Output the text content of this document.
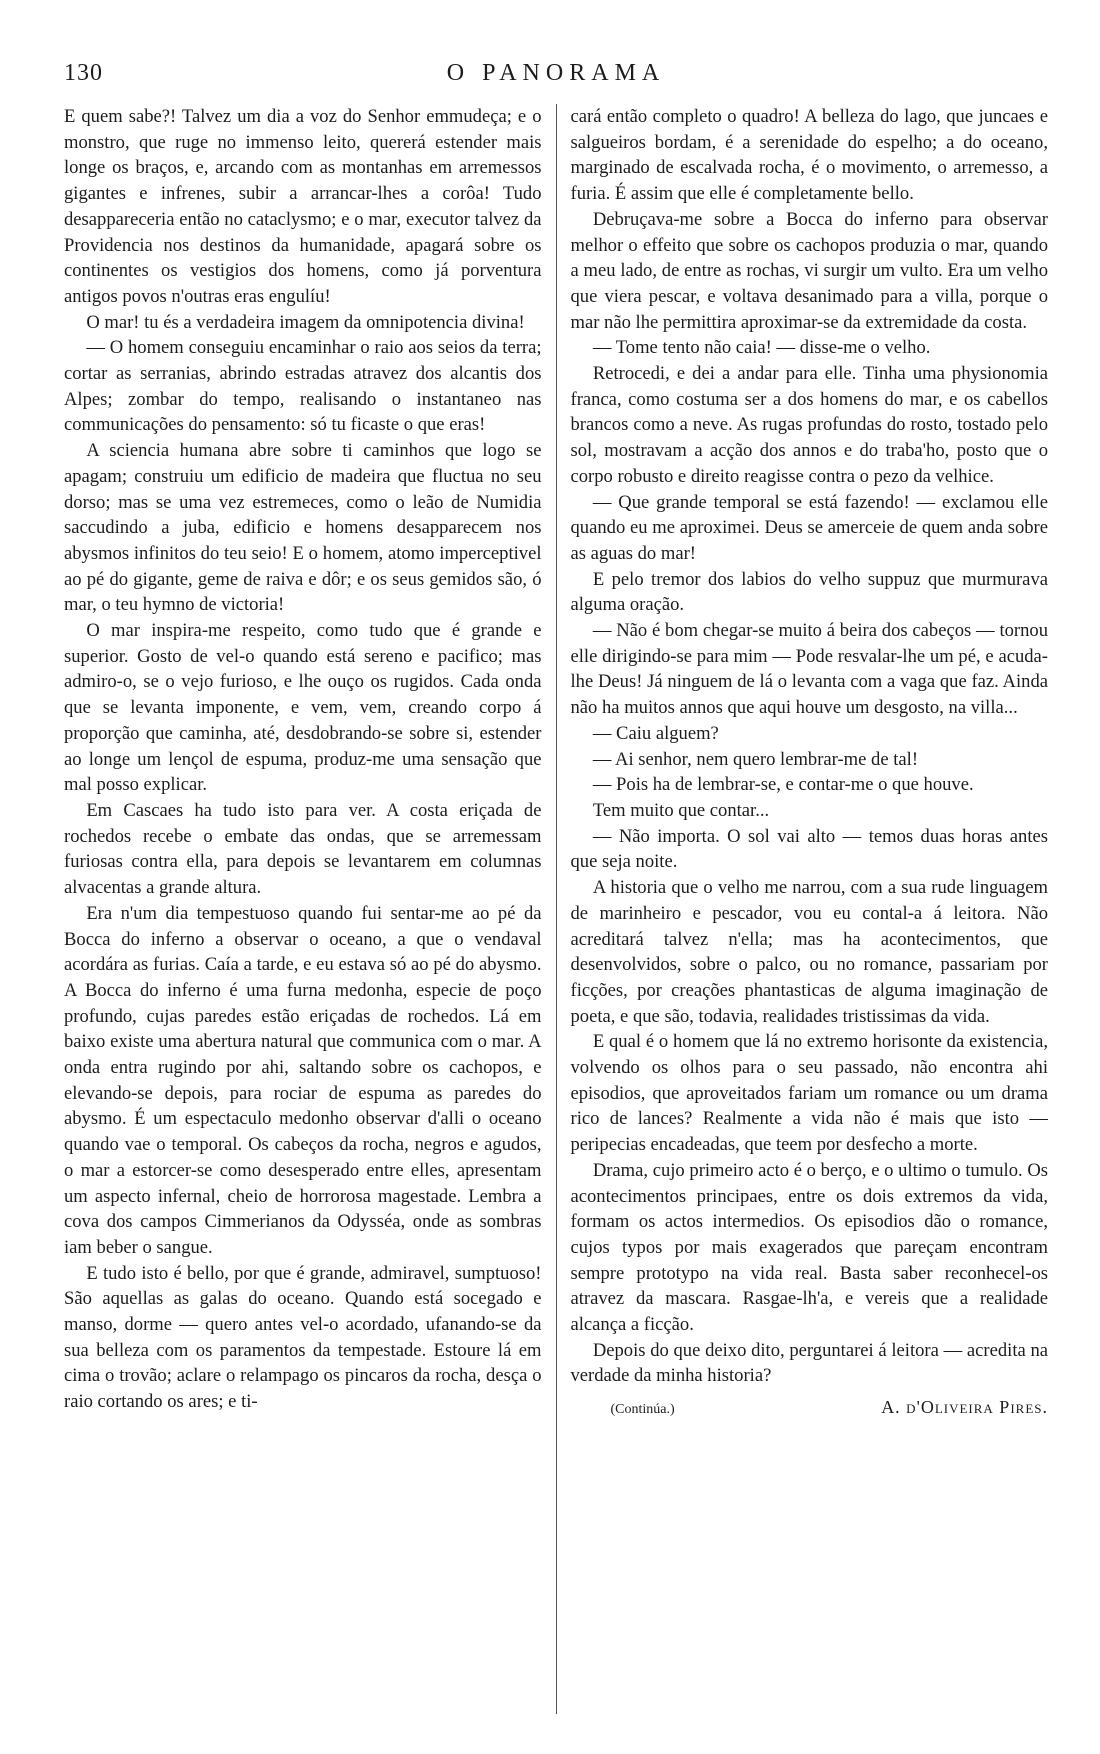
130	O PANORAMA

E quem sabe?! Talvez um dia a voz do Senhor emmudeça; e o monstro, que ruge no immenso leito, quererá estender mais longe os braços, e, arcando com as montanhas em arremessos gigantes e infrenes, subir a arrancar-lhes a corôa! Tudo desappareceria então no cataclysmo; e o mar, executor talvez da Providencia nos destinos da humanidade, apagará sobre os continentes os vestigios dos homens, como já porventura antigos povos n'outras eras engulíu!

O mar! tu és a verdadeira imagem da omnipotencia divina!

— O homem conseguiu encaminhar o raio aos seios da terra; cortar as serranias, abrindo estradas atravez dos alcantis dos Alpes; zombar do tempo, realisando o instantaneo nas communicações do pensamento: só tu ficaste o que eras!

A sciencia humana abre sobre ti caminhos que logo se apagam; construiu um edificio de madeira que fluctua no seu dorso; mas se uma vez estremeces, como o leão de Numidia saccudindo a juba, edificio e homens desapparecem nos abysmos infinitos do teu seio! E o homem, atomo imperceptivel ao pé do gigante, geme de raiva e dôr; e os seus gemidos são, ó mar, o teu hymno de victoria!

O mar inspira-me respeito, como tudo que é grande e superior. Gosto de vel-o quando está sereno e pacifico; mas admiro-o, se o vejo furioso, e lhe ouço os rugidos. Cada onda que se levanta imponente, e vem, vem, creando corpo á proporção que caminha, até, desdobrando-se sobre si, estender ao longe um lençol de espuma, produz-me uma sensação que mal posso explicar.

Em Cascaes ha tudo isto para ver. A costa eriçada de rochedos recebe o embate das ondas, que se arremessam furiosas contra ella, para depois se levantarem em columnas alvacentas a grande altura.

Era n'um dia tempestuoso quando fui sentar-me ao pé da Bocca do inferno a observar o oceano, a que o vendaval acordára as furias. Caía a tarde, e eu estava só ao pé do abysmo. A Bocca do inferno é uma furna medonha, especie de poço profundo, cujas paredes estão eriçadas de rochedos. Lá em baixo existe uma abertura natural que communica com o mar. A onda entra rugindo por ahi, saltando sobre os cachopos, e elevando-se depois, para rociar de espuma as paredes do abysmo. É um espectaculo medonho observar d'alli o oceano quando vae o temporal. Os cabeços da rocha, negros e agudos, o mar a estorcer-se como desesperado entre elles, apresentam um aspecto infernal, cheio de horrorosa magestade. Lembra a cova dos campos Cimmerianos da Odysséa, onde as sombras iam beber o sangue.

E tudo isto é bello, por que é grande, admiravel, sumptuoso! São aquellas as galas do oceano. Quando está socegado e manso, dorme — quero antes vel-o acordado, ufanando-se da sua belleza com os paramentos da tempestade. Estoure lá em cima o trovão; aclare o relampago os pincaros da rocha, desça o raio cortando os ares; e ti-

cará então completo o quadro! A belleza do lago, que juncaes e salgueiros bordam, é a serenidade do espelho; a do oceano, marginado de escalvada rocha, é o movimento, o arremesso, a furia. É assim que elle é completamente bello.

Debruçava-me sobre a Bocca do inferno para observar melhor o effeito que sobre os cachopos produzia o mar, quando a meu lado, de entre as rochas, vi surgir um vulto. Era um velho que viera pescar, e voltava desanimado para a villa, porque o mar não lhe permittira aproximar-se da extremidade da costa.

— Tome tento não caia! — disse-me o velho.

Retrocedi, e dei a andar para elle. Tinha uma physionomia franca, como costuma ser a dos homens do mar, e os cabellos brancos como a neve. As rugas profundas do rosto, tostado pelo sol, mostravam a acção dos annos e do traba'ho, posto que o corpo robusto e direito reagisse contra o pezo da velhice.

— Que grande temporal se está fazendo! — exclamou elle quando eu me aproximei. Deus se amerceie de quem anda sobre as aguas do mar!

E pelo tremor dos labios do velho suppuz que murmurava alguma oração.

— Não é bom chegar-se muito á beira dos cabeços — tornou elle dirigindo-se para mim — Pode resvalar-lhe um pé, e acuda-lhe Deus! Já ninguem de lá o levanta com a vaga que faz. Ainda não ha muitos annos que aqui houve um desgosto, na villa...

— Caiu alguem?

— Ai senhor, nem quero lembrar-me de tal!

— Pois ha de lembrar-se, e contar-me o que houve.

Tem muito que contar...

— Não importa. O sol vai alto — temos duas horas antes que seja noite.

A historia que o velho me narrou, com a sua rude linguagem de marinheiro e pescador, vou eu contal-a á leitora. Não acreditará talvez n'ella; mas ha acontecimentos, que desenvolvidos, sobre o palco, ou no romance, passariam por ficções, por creações phantasticas de alguma imaginação de poeta, e que são, todavia, realidades tristissimas da vida.

E qual é o homem que lá no extremo horisonte da existencia, volvendo os olhos para o seu passado, não encontra ahi episodios, que aproveitados fariam um romance ou um drama rico de lances? Realmente a vida não é mais que isto — peripecias encadeadas, que teem por desfecho a morte.

Drama, cujo primeiro acto é o berço, e o ultimo o tumulo. Os acontecimentos principaes, entre os dois extremos da vida, formam os actos intermedios. Os episodios dão o romance, cujos typos por mais exagerados que pareçam encontram sempre prototypo na vida real. Basta saber reconhecel-os atravez da mascara. Rasgae-lh'a, e vereis que a realidade alcança a ficção.

Depois do que deixo dito, perguntarei á leitora — acredita na verdade da minha historia?

(Continúa.)	A. d'Oliveira Pires.
